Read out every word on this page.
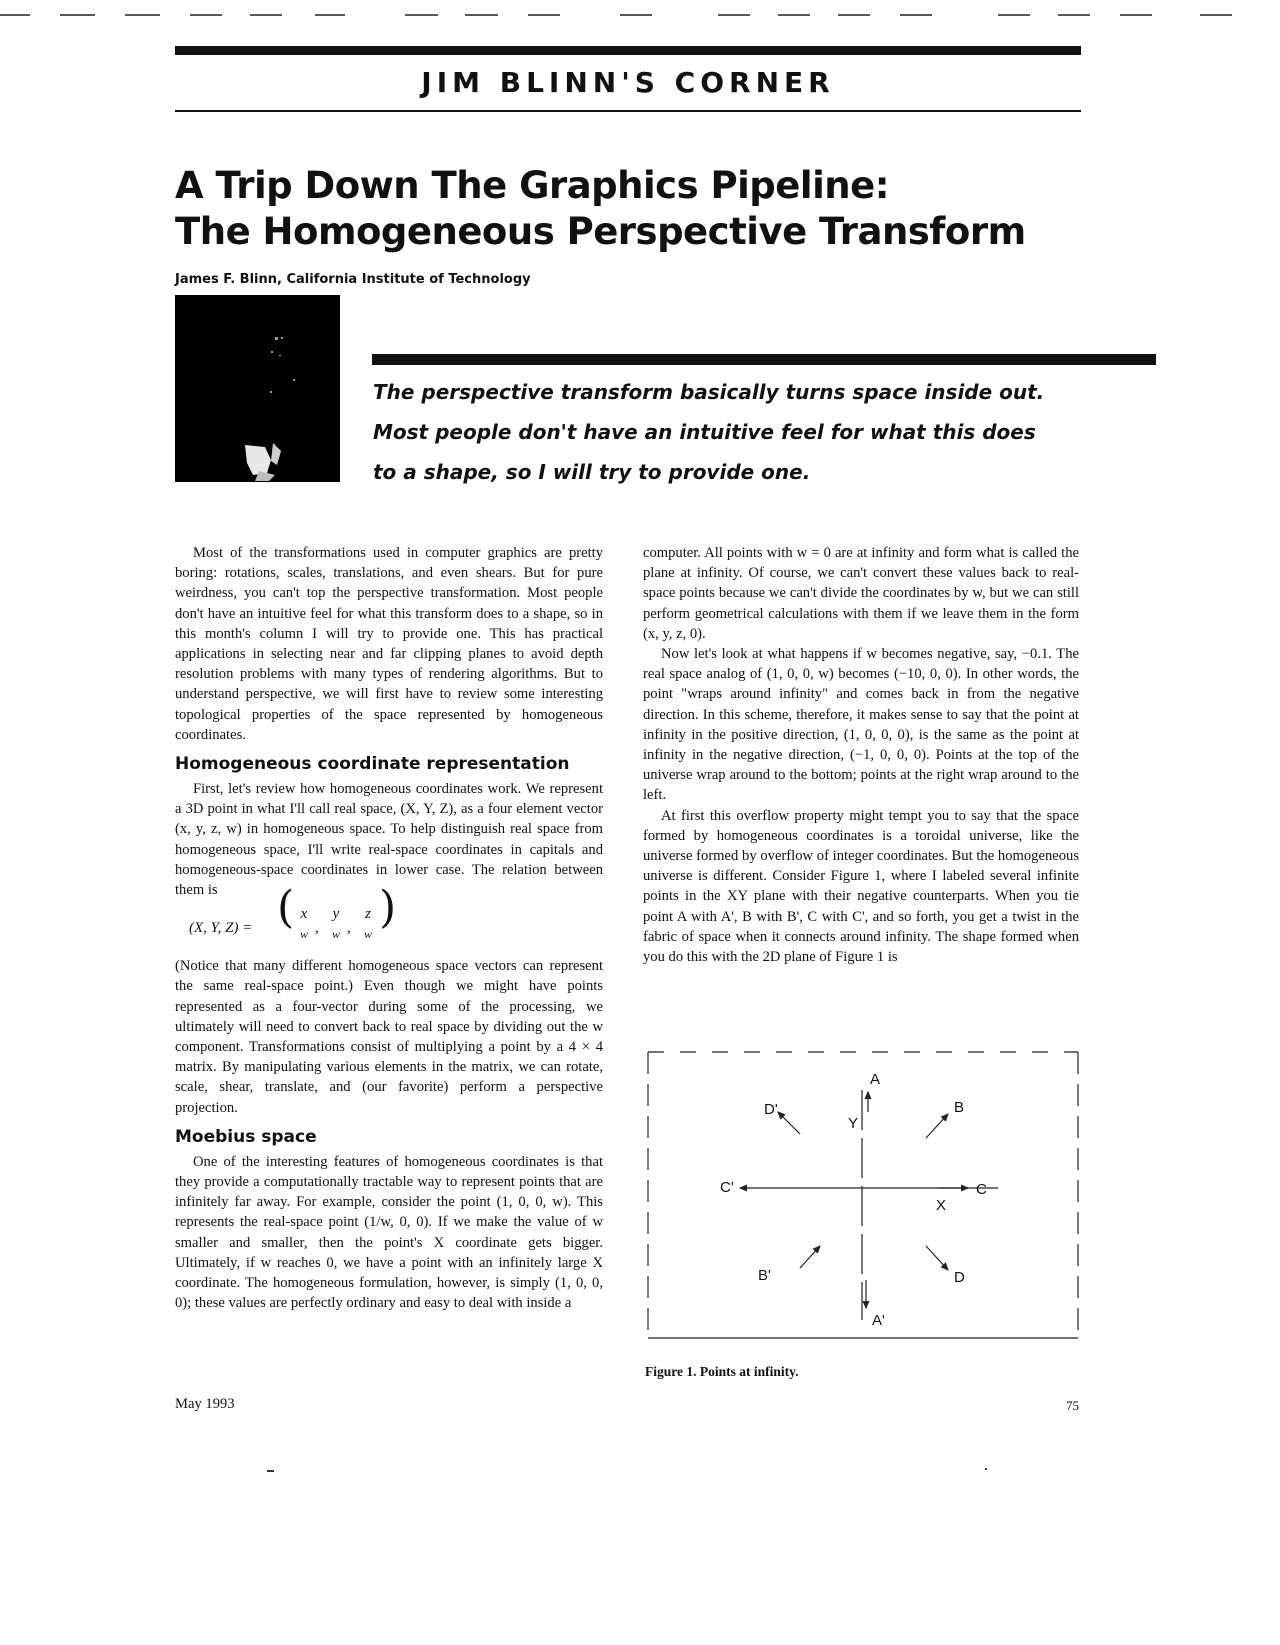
JIM BLINN'S CORNER
A Trip Down The Graphics Pipeline:
The Homogeneous Perspective Transform
James F. Blinn, California Institute of Technology
The perspective transform basically turns space inside out.
Most people don't have an intuitive feel for what this does
to a shape, so I will try to provide one.

Most of the transformations used in computer graphics are pretty boring: rotations, scales, translations, and even shears. But for pure weirdness, you can't top the perspective transformation. Most people don't have an intuitive feel for what this transform does to a shape, so in this month's column I will try to provide one. This has practical applications in selecting near and far clipping planes to avoid depth resolution problems with many types of rendering algorithms. But to understand perspective, we will first have to review some interesting topological properties of the space represented by homogeneous coordinates.

Homogeneous coordinate representation

First, let's review how homogeneous coordinates work. We represent a 3D point in what I'll call real space, (X, Y, Z), as a four element vector (x, y, z, w) in homogeneous space. To help distinguish real space from homogeneous space, I'll write real-space coordinates in capitals and homogeneous-space coordinates in lower case. The relation between them is

(X, Y, Z) = ( x
w ,
y
w ,
z
w
)

(Notice that many different homogeneous space vectors can represent the same real-space point.) Even though we might have points represented as a four-vector during some of the processing, we ultimately will need to convert back to real space by dividing out the w component. Transformations consist of multiplying a point by a 4 × 4 matrix. By manipulating various elements in the matrix, we can rotate, scale, shear, translate, and (our favorite) perform a perspective projection.

Moebius space

One of the interesting features of homogeneous coordinates is that they provide a computationally tractable way to represent points that are infinitely far away. For example, consider the point (1, 0, 0, w). This represents the real-space point (1/w, 0, 0). If we make the value of w smaller and smaller, then the point's X coordinate gets bigger. Ultimately, if w reaches 0, we have a point with an infinitely large X coordinate. The homogeneous formulation, however, is simply (1, 0, 0, 0); these values are perfectly ordinary and easy to deal with inside a

computer. All points with w = 0 are at infinity and form what is called the plane at infinity. Of course, we can't convert these values back to real-space points because we can't divide the coordinates by w, but we can still perform geometrical calculations with them if we leave them in the form (x, y, z, 0).

Now let's look at what happens if w becomes negative, say, −0.1. The real space analog of (1, 0, 0, w) becomes (−10, 0, 0). In other words, the point "wraps around infinity" and comes back in from the negative direction. In this scheme, therefore, it makes sense to say that the point at infinity in the positive direction, (1, 0, 0, 0), is the same as the point at infinity in the negative direction, (−1, 0, 0, 0). Points at the top of the universe wrap around to the bottom; points at the right wrap around to the left.

At first this overflow property might tempt you to say that the space formed by homogeneous coordinates is a toroidal universe, like the universe formed by overflow of integer coordinates. But the homogeneous universe is different. Consider Figure 1, where I labeled several infinite points in the XY plane with their negative counterparts. When you tie point A with A', B with B', C with C', and so forth, you get a twist in the fabric of space when it connects around infinity. The shape formed when you do this with the 2D plane of Figure 1 is

A
A'
B
B'
C
C'
D
D'
X
Y
Figure 1. Points at infinity.
May 1993	75
